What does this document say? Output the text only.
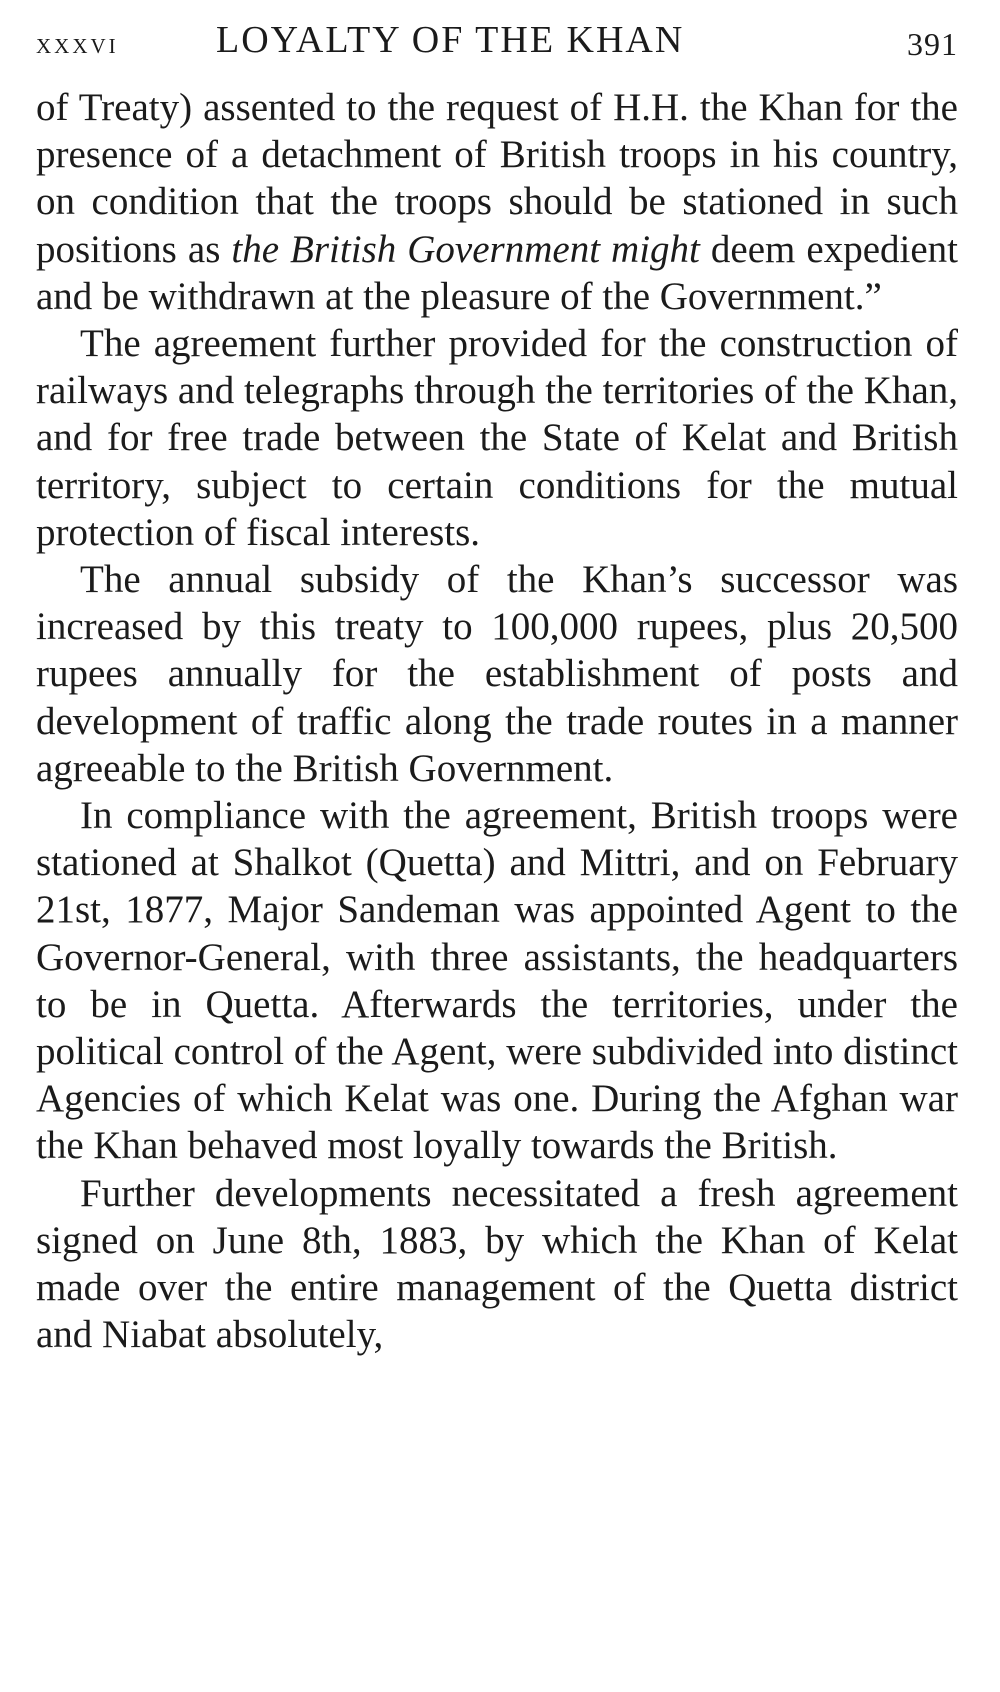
xxxvi	LOYALTY OF THE KHAN	391

of Treaty) assented to the request of H.H. the Khan for the presence of a detachment of British troops in his country, on condition that the troops should be stationed in such positions as the British Government might deem expedient and be withdrawn at the pleasure of the Government.”

The agreement further provided for the construction of railways and telegraphs through the territories of the Khan, and for free trade between the State of Kelat and British territory, subject to certain conditions for the mutual protection of fiscal interests.

The annual subsidy of the Khan’s successor was increased by this treaty to 100,000 rupees, plus 20,500 rupees annually for the establishment of posts and development of traffic along the trade routes in a manner agreeable to the British Government.

In compliance with the agreement, British troops were stationed at Shalkot (Quetta) and Mittri, and on February 21st, 1877, Major Sandeman was appointed Agent to the Governor-General, with three assistants, the headquarters to be in Quetta. Afterwards the territories, under the political control of the Agent, were subdivided into distinct Agencies of which Kelat was one. During the Afghan war the Khan behaved most loyally towards the British.

Further developments necessitated a fresh agreement signed on June 8th, 1883, by which the Khan of Kelat made over the entire management of the Quetta district and Niabat absolutely,
